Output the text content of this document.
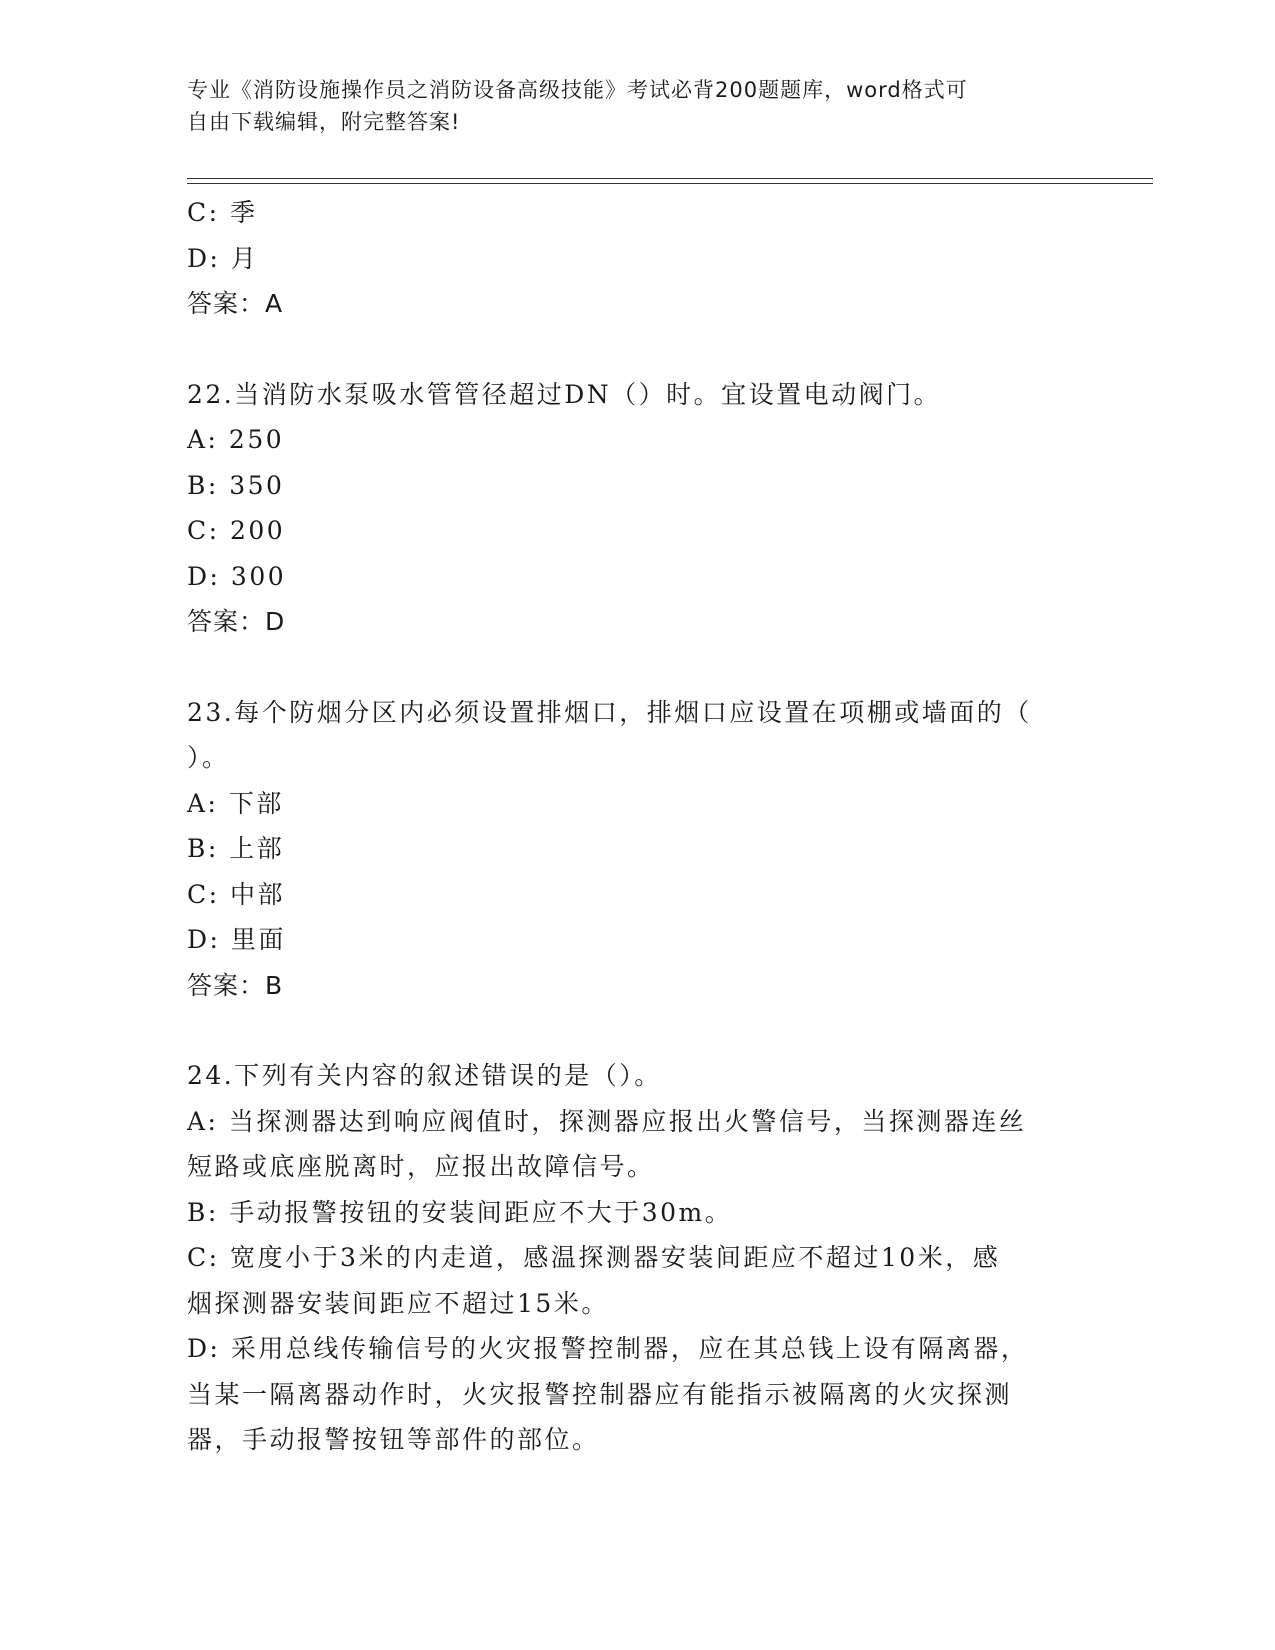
专业《消防设施操作员之消防设备高级技能》考试必背200题题库，word格式可
自由下载编辑，附完整答案!
C: 季
D: 月
答案：A
22.当消防水泵吸水管管径超过DN（）时。宜设置电动阀门。
A: 250
B: 350
C: 200
D: 300
答案：D
23.每个防烟分区内必须设置排烟口，排烟口应设置在项棚或墙面的（
）。
A: 下部
B: 上部
C: 中部
D: 里面
答案：B
24.下列有关内容的叙述错误的是（）。
A: 当探测器达到响应阀值时，探测器应报出火警信号，当探测器连丝
短路或底座脱离时，应报出故障信号。
B: 手动报警按钮的安装间距应不大于30m。
C: 宽度小于3米的内走道，感温探测器安装间距应不超过10米，感
烟探测器安装间距应不超过15米。
D: 采用总线传输信号的火灾报警控制器，应在其总钱上设有隔离器，
当某一隔离器动作时，火灾报警控制器应有能指示被隔离的火灾探测
器，手动报警按钮等部件的部位。
